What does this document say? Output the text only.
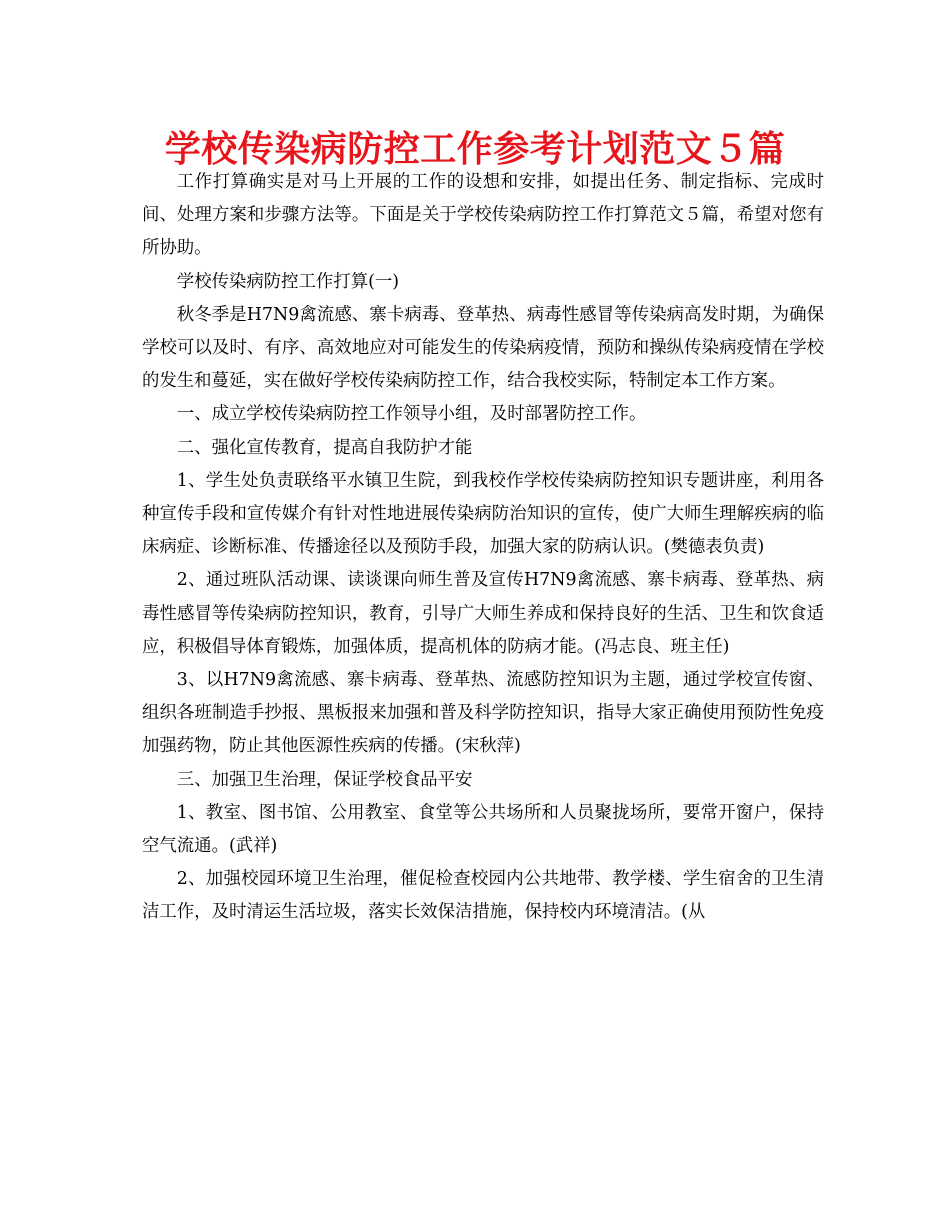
学校传染病防控工作参考计划范文５篇

工作打算确实是对马上开展的工作的设想和安排，如提出任务、制定指标、完成时间、处理方案和步骤方法等。下面是关于学校传染病防控工作打算范文５篇，希望对您有所协助。

学校传染病防控工作打算(一)

秋冬季是H7N9禽流感、寨卡病毒、登革热、病毒性感冒等传染病高发时期，为确保学校可以及时、有序、高效地应对可能发生的传染病疫情，预防和操纵传染病疫情在学校的发生和蔓延，实在做好学校传染病防控工作，结合我校实际，特制定本工作方案。

一、成立学校传染病防控工作领导小组，及时部署防控工作。

二、强化宣传教育，提高自我防护才能

1、学生处负责联络平水镇卫生院，到我校作学校传染病防控知识专题讲座，利用各种宣传手段和宣传媒介有针对性地进展传染病防治知识的宣传，使广大师生理解疾病的临床病症、诊断标准、传播途径以及预防手段，加强大家的防病认识。(樊德表负责)

2、通过班队活动课、读谈课向师生普及宣传H7N9禽流感、寨卡病毒、登革热、病毒性感冒等传染病防控知识，教育，引导广大师生养成和保持良好的生活、卫生和饮食适应，积极倡导体育锻炼，加强体质，提高机体的防病才能。(冯志良、班主任)

3、以H7N9禽流感、寨卡病毒、登革热、流感防控知识为主题，通过学校宣传窗、组织各班制造手抄报、黑板报来加强和普及科学防控知识，指导大家正确使用预防性免疫加强药物，防止其他医源性疾病的传播。(宋秋萍)

三、加强卫生治理，保证学校食品平安

1、教室、图书馆、公用教室、食堂等公共场所和人员聚拢场所，要常开窗户，保持空气流通。(武祥)

2、加强校园环境卫生治理，催促检查校园内公共地带、教学楼、学生宿舍的卫生清洁工作，及时清运生活垃圾，落实长效保洁措施，保持校内环境清洁。(从
